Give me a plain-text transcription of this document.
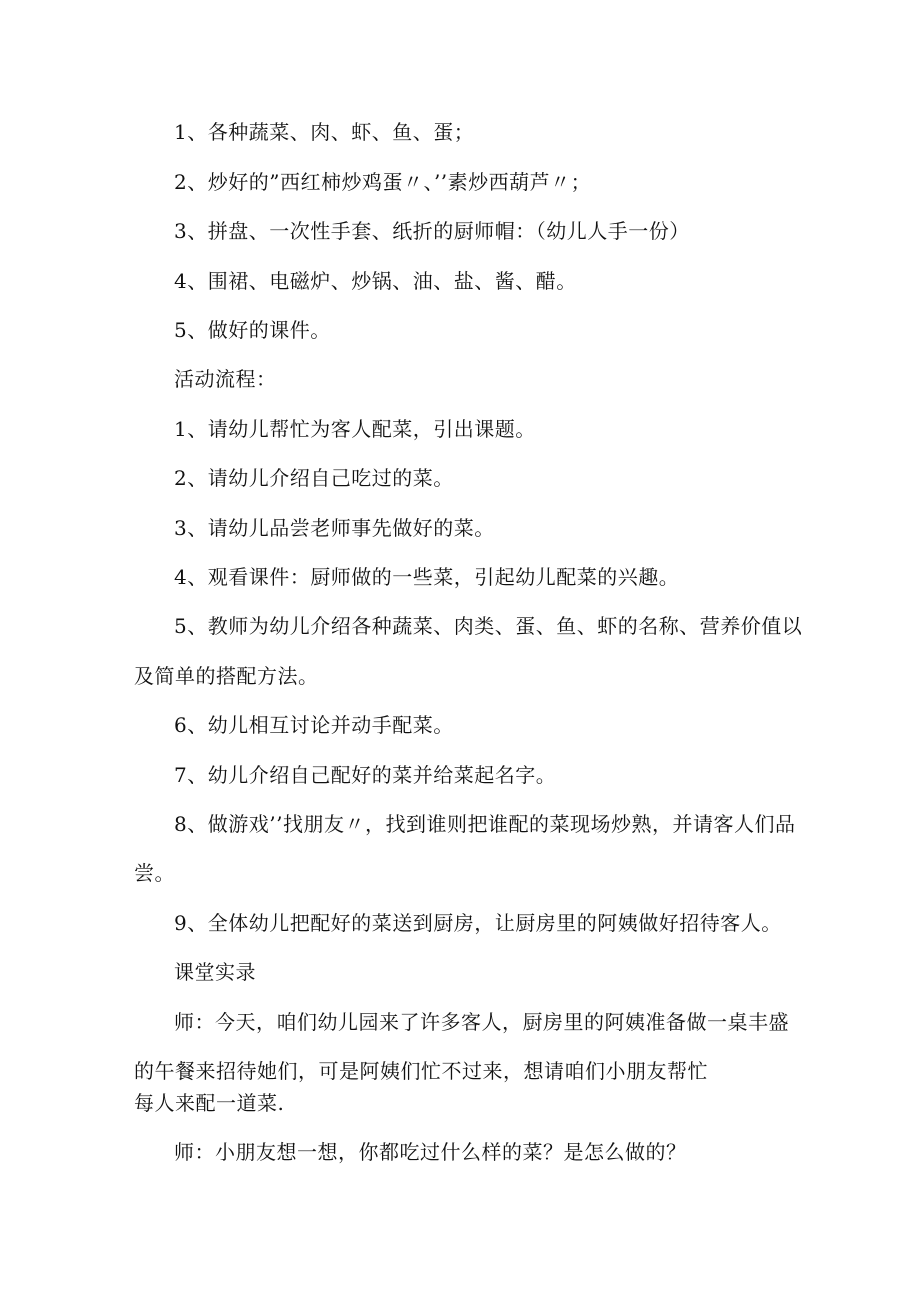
1、各种蔬菜、肉、虾、鱼、蛋；
2、炒好的”西红柿炒鸡蛋〃、’’素炒西葫芦〃；
3、拼盘、一次性手套、纸折的厨师帽：（幼儿人手一份）
4、围裙、电磁炉、炒锅、油、盐、酱、醋。
5、做好的课件。
活动流程：
1、请幼儿帮忙为客人配菜，引出课题。
2、请幼儿介绍自己吃过的菜。
3、请幼儿品尝老师事先做好的菜。
4、观看课件：厨师做的一些菜，引起幼儿配菜的兴趣。
5、教师为幼儿介绍各种蔬菜、肉类、蛋、鱼、虾的名称、营养价值以
及简单的搭配方法。
6、幼儿相互讨论并动手配菜。
7、幼儿介绍自己配好的菜并给菜起名字。
8、做游戏’’找朋友〃，找到谁则把谁配的菜现场炒熟，并请客人们品
尝。
9、全体幼儿把配好的菜送到厨房，让厨房里的阿姨做好招待客人。
课堂实录
师：今天，咱们幼儿园来了许多客人，厨房里的阿姨准备做一桌丰盛
的午餐来招待她们，可是阿姨们忙不过来，想请咱们小朋友帮忙
每人来配一道菜.
师：小朋友想一想，你都吃过什么样的菜？是怎么做的？
